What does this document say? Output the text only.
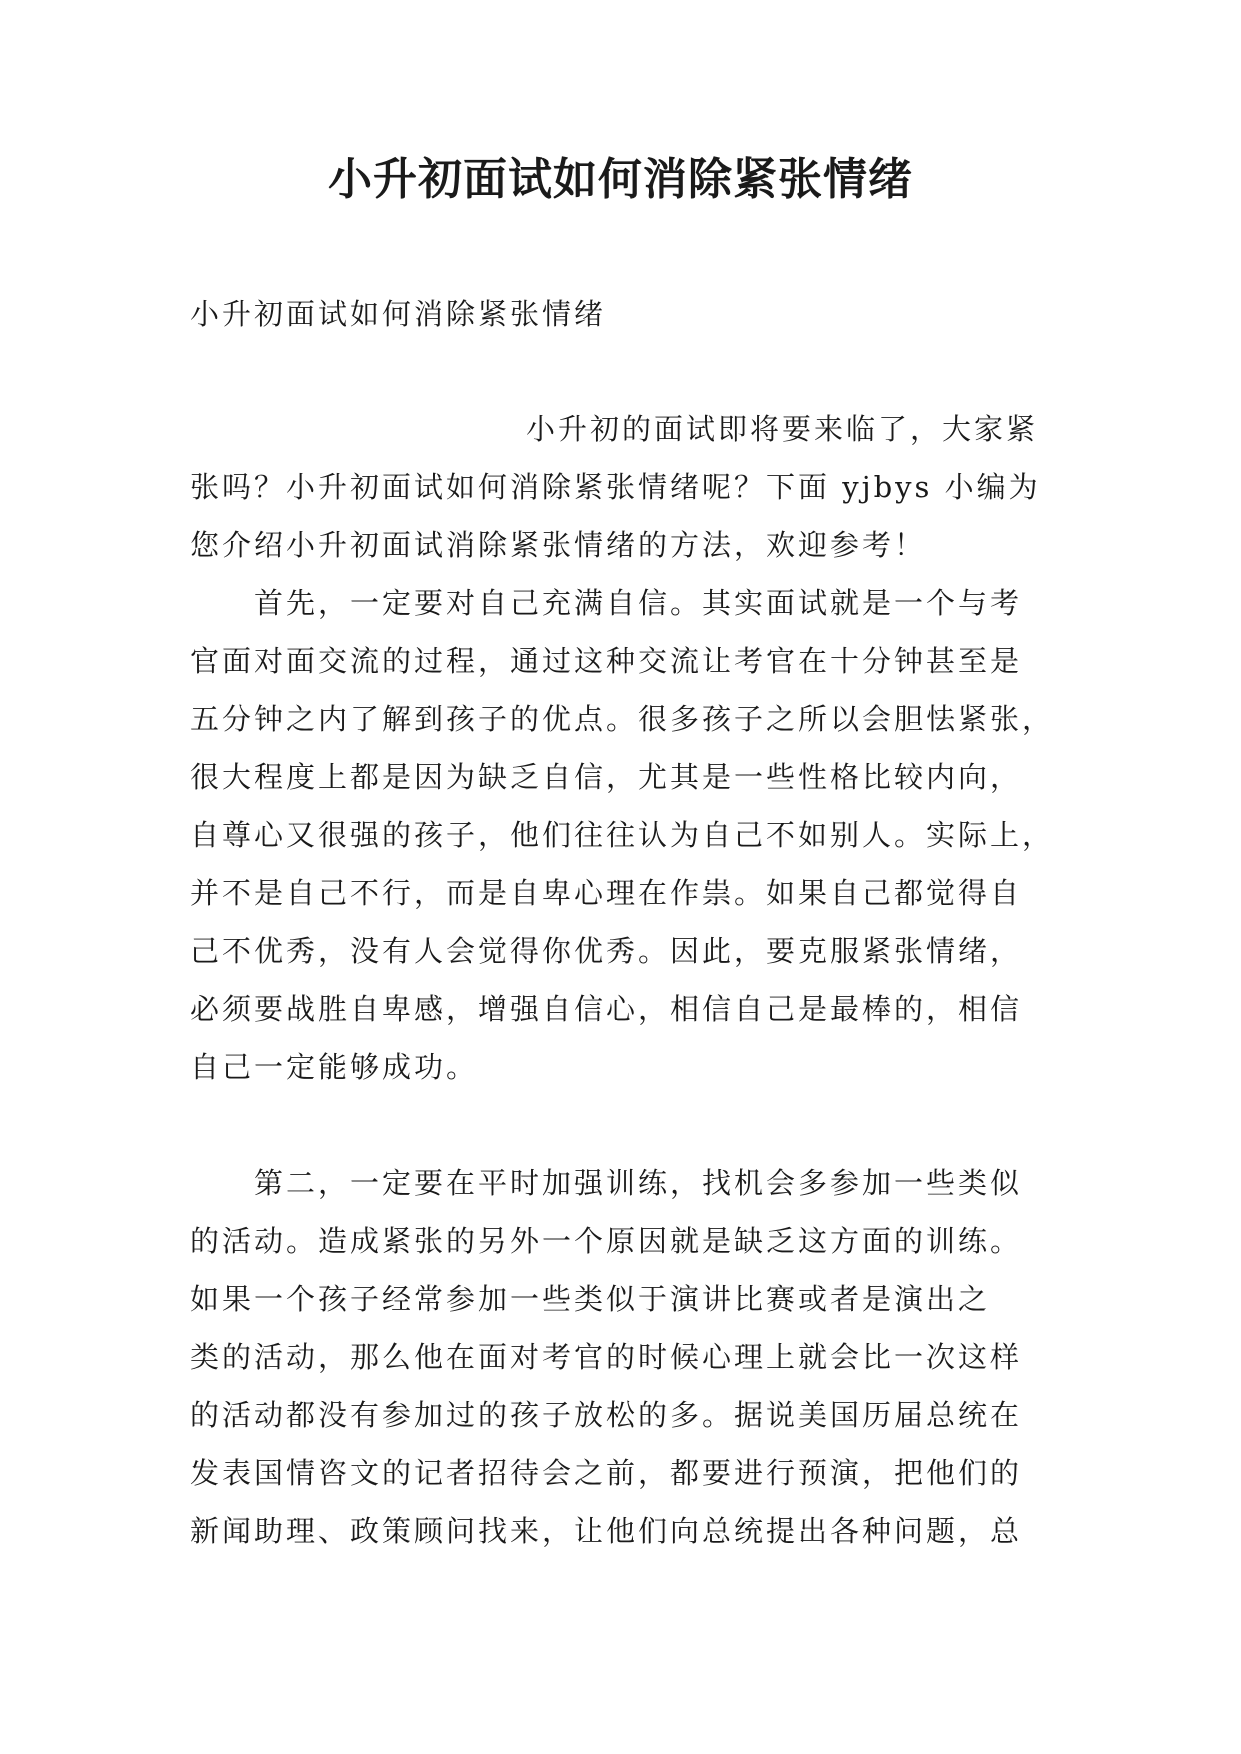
小升初面试如何消除紧张情绪

小升初面试如何消除紧张情绪

小升初的面试即将要来临了，大家紧
张吗？小升初面试如何消除紧张情绪呢？下面 yjbys 小编为
您介绍小升初面试消除紧张情绪的方法，欢迎参考！
首先，一定要对自己充满自信。其实面试就是一个与考
官面对面交流的过程，通过这种交流让考官在十分钟甚至是
五分钟之内了解到孩子的优点。很多孩子之所以会胆怯紧张，
很大程度上都是因为缺乏自信，尤其是一些性格比较内向，
自尊心又很强的孩子，他们往往认为自己不如别人。实际上，
并不是自己不行，而是自卑心理在作祟。如果自己都觉得自
己不优秀，没有人会觉得你优秀。因此，要克服紧张情绪，
必须要战胜自卑感，增强自信心，相信自己是最棒的，相信
自己一定能够成功。
第二，一定要在平时加强训练，找机会多参加一些类似
的活动。造成紧张的另外一个原因就是缺乏这方面的训练。
如果一个孩子经常参加一些类似于演讲比赛或者是演出之
类的活动，那么他在面对考官的时候心理上就会比一次这样
的活动都没有参加过的孩子放松的多。据说美国历届总统在
发表国情咨文的记者招待会之前，都要进行预演，把他们的
新闻助理、政策顾问找来，让他们向总统提出各种问题，总
